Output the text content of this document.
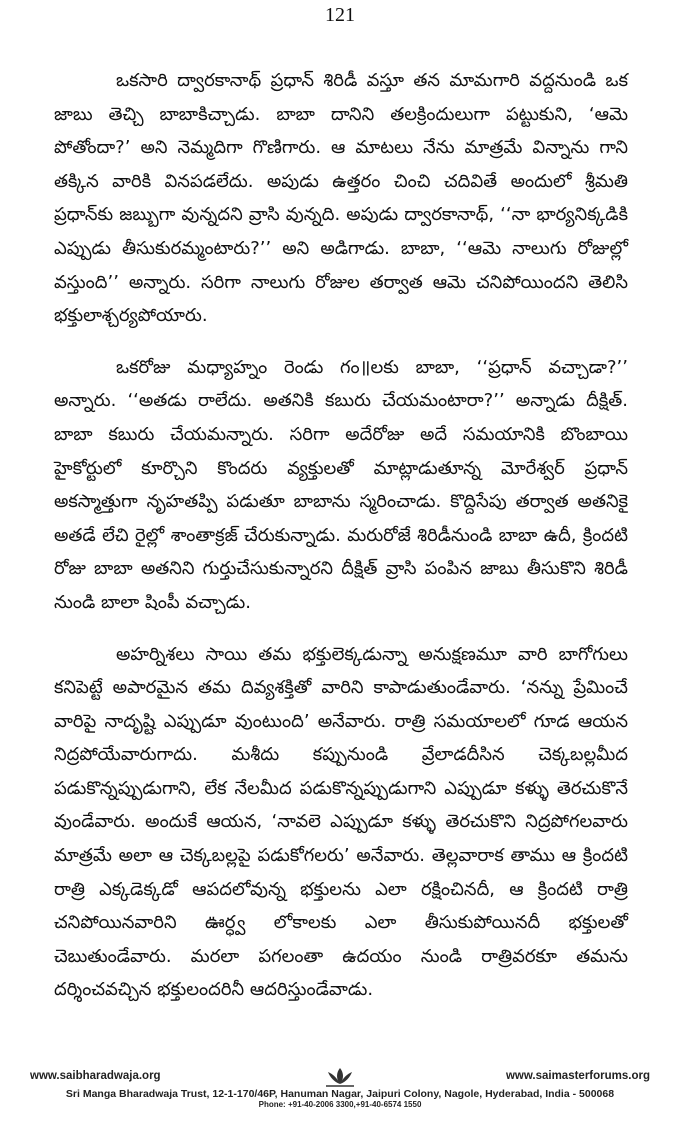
121

ఒకసారి ద్వారకానాథ్ ప్రధాన్ శిరిడీ వస్తూ తన మామగారి వద్దనుండి ఒక జాబు తెచ్చి బాబాకిచ్చాడు. బాబా దానిని తలక్రిందులుగా పట్టుకుని, ‘ఆమె పోతోందా?’ అని నెమ్మదిగా గొణిగారు. ఆ మాటలు నేను మాత్రమే విన్నాను గాని తక్కిన వారికి వినపడలేదు. అపుడు ఉత్తరం చించి చదివితే అందులో శ్రీమతి ప్రధాన్‌కు జబ్బుగా వున్నదని వ్రాసి వున్నది. అపుడు ద్వారకానాథ్, ‘‘నా భార్యనిక్కడికి ఎప్పుడు తీసుకురమ్మంటారు?’’ అని అడిగాడు. బాబా, ‘‘ఆమె నాలుగు రోజుల్లో వస్తుంది’’ అన్నారు. సరిగా నాలుగు రోజుల తర్వాత ఆమె చనిపోయిందని తెలిసి భక్తులాశ్చర్యపోయారు.

ఒకరోజు మధ్యాహ్నం రెండు గం॥లకు బాబా, ‘‘ప్రధాన్ వచ్చాడా?’’ అన్నారు. ‘‘అతడు రాలేదు. అతనికి కబురు చేయమంటారా?’’ అన్నాడు దీక్షిత్. బాబా కబురు చేయమన్నారు. సరిగా అదేరోజు అదే సమయానికి బొంబాయి హైకోర్టులో కూర్చొని కొందరు వ్యక్తులతో మాట్లాడుతూన్న మోరేశ్వర్ ప్రధాన్ అకస్మాత్తుగా నృహతప్పి పడుతూ బాబాను స్మరించాడు. కొద్దిసేపు తర్వాత అతనికై అతడే లేచి రైల్లో శాంతాక్రజ్ చేరుకున్నాడు. మరురోజే శిరిడీనుండి బాబా ఉదీ, క్రిందటి రోజు బాబా అతనిని గుర్తుచేసుకున్నారని దీక్షిత్ వ్రాసి పంపిన జాబు తీసుకొని శిరిడీ నుండి బాలా షింపీ వచ్చాడు.

అహర్నిశలు సాయి తమ భక్తులెక్కడున్నా అనుక్షణమూ వారి బాగోగులు కనిపెట్టే అపారమైన తమ దివ్యశక్తితో వారిని కాపాడుతుండేవారు. ‘నన్ను ప్రేమించే వారిపై నాదృష్టి ఎప్పుడూ వుంటుంది’ అనేవారు. రాత్రి సమయాలలో గూడ ఆయన నిద్రపోయేవారుగాదు. మశీదు కప్పునుండి వ్రేలాడదీసిన చెక్కబల్లమీద పడుకొన్నప్పుడుగాని, లేక నేలమీద పడుకొన్నప్పుడుగాని ఎప్పుడూ కళ్ళు తెరచుకొనే వుండేవారు. అందుకే ఆయన, ‘నావలె ఎప్పుడూ కళ్ళు తెరచుకొని నిద్రపోగలవారు మాత్రమే అలా ఆ చెక్కబల్లపై పడుకోగలరు’ అనేవారు. తెల్లవారాక తాము ఆ క్రిందటి రాత్రి ఎక్కడెక్కడో ఆపదలోవున్న భక్తులను ఎలా రక్షించినదీ, ఆ క్రిందటి రాత్రి చనిపోయినవారిని ఊర్ధ్వ లోకాలకు ఎలా తీసుకుపోయినదీ భక్తులతో చెబుతుండేవారు. మరలా పగలంతా ఉదయం నుండి రాత్రివరకూ తమను దర్శించవచ్చిన భక్తులందరినీ ఆదరిస్తుండేవాడు.

www.saibharadwaja.org	www.saimasterforums.org
Sri Manga Bharadwaja Trust, 12-1-170/46P, Hanuman Nagar, Jaipuri Colony, Nagole, Hyderabad, India - 500068
Phone: +91-40-2006 3300,+91-40-6574 1550
